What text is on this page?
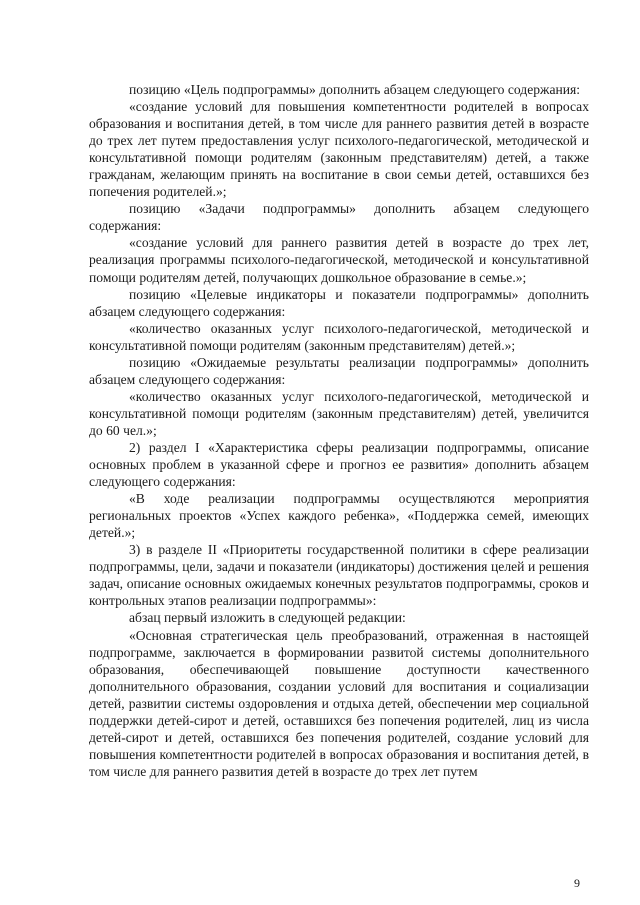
позицию «Цель подпрограммы» дополнить абзацем следующего содержания:

«создание условий для повышения компетентности родителей в вопросах образования и воспитания детей, в том числе для раннего развития детей в возрасте до трех лет путем предоставления услуг психолого-педагогической, методической и консультативной помощи родителям (законным представителям) детей, а также гражданам, желающим принять на воспитание в свои семьи детей, оставшихся без попечения родителей.»;

позицию «Задачи подпрограммы» дополнить абзацем следующего содержания:

«создание условий для раннего развития детей в возрасте до трех лет, реализация программы психолого-педагогической, методической и консультативной помощи родителям детей, получающих дошкольное образование в семье.»;

позицию «Целевые индикаторы и показатели подпрограммы» дополнить абзацем следующего содержания:

«количество оказанных услуг психолого-педагогической, методической и консультативной помощи родителям (законным представителям) детей.»;

позицию «Ожидаемые результаты реализации подпрограммы» дополнить абзацем следующего содержания:

«количество оказанных услуг психолого-педагогической, методической и консультативной помощи родителям (законным представителям) детей, увеличится до 60 чел.»;

2) раздел I «Характеристика сферы реализации подпрограммы, описание основных проблем в указанной сфере и прогноз ее развития» дополнить абзацем следующего содержания:

«В ходе реализации подпрограммы осуществляются мероприятия региональных проектов «Успех каждого ребенка», «Поддержка семей, имеющих детей.»;

3) в разделе II «Приоритеты государственной политики в сфере реализации подпрограммы, цели, задачи и показатели (индикаторы) достижения целей и решения задач, описание основных ожидаемых конечных результатов подпрограммы, сроков и контрольных этапов реализации подпрограммы»:

абзац первый изложить в следующей редакции:

«Основная стратегическая цель преобразований, отраженная в настоящей подпрограмме, заключается в формировании развитой системы дополнительного образования, обеспечивающей повышение доступности качественного дополнительного образования, создании условий для воспитания и социализации детей, развитии системы оздоровления и отдыха детей, обеспечении мер социальной поддержки детей-сирот и детей, оставшихся без попечения родителей, лиц из числа детей-сирот и детей, оставшихся без попечения родителей, создание условий для повышения компетентности родителей в вопросах образования и воспитания детей, в том числе для раннего развития детей в возрасте до трех лет путем

9
